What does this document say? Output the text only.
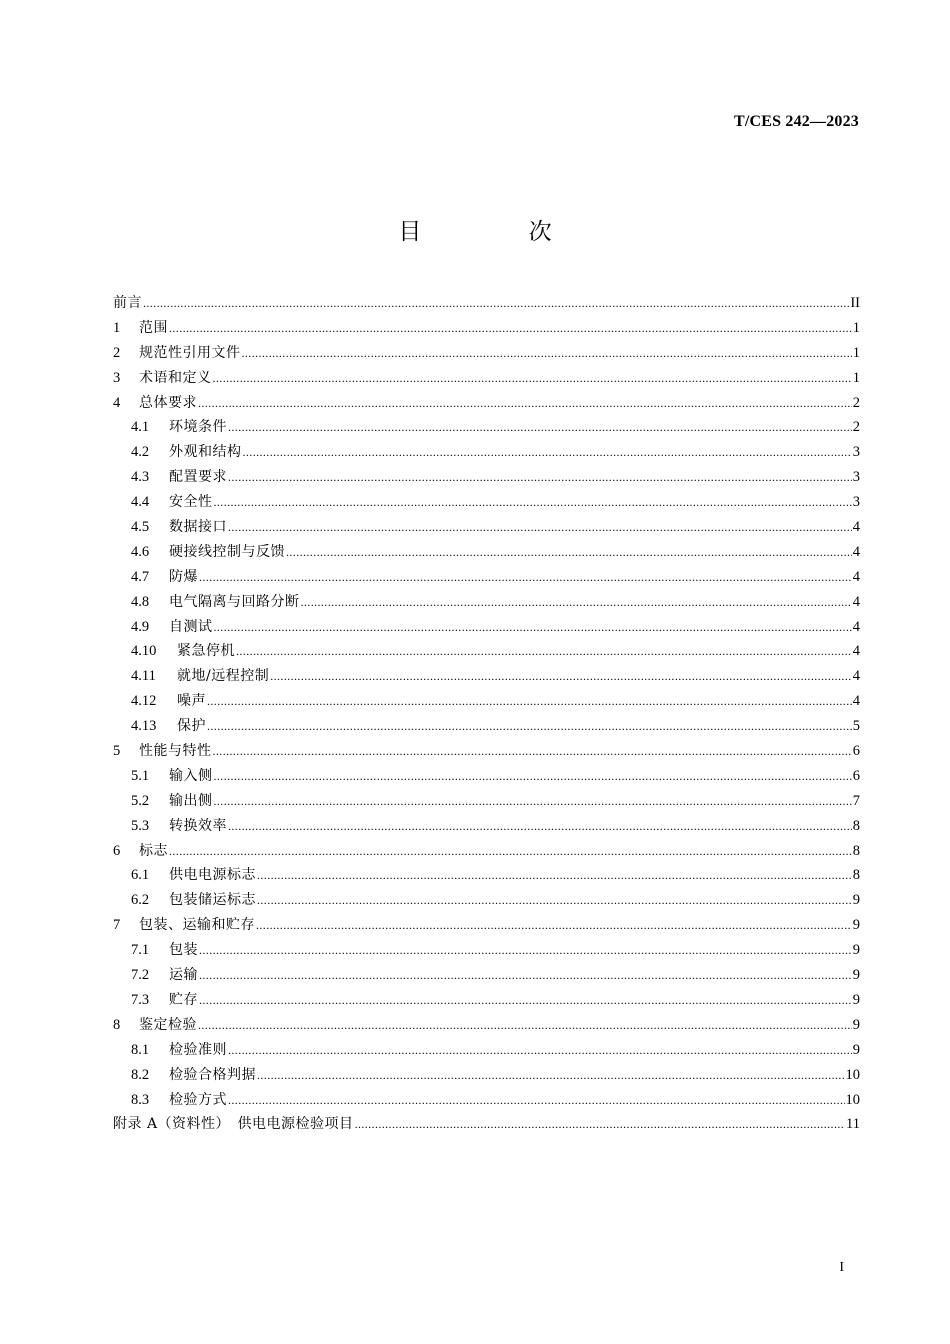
T/CES 242—2023
目 次
前言 .....	II
1	范围 .....	1
2	规范性引用文件 .....	1
3	术语和定义 .....	1
4	总体要求 .....	2
4.1	环境条件 .....	2
4.2	外观和结构 .....	3
4.3	配置要求 .....	3
4.4	安全性 .....	3
4.5	数据接口 .....	4
4.6	硬接线控制与反馈 .....	4
4.7	防爆 .....	4
4.8	电气隔离与回路分断 .....	4
4.9	自测试 .....	4
4.10	紧急停机 .....	4
4.11	就地/远程控制 .....	4
4.12	噪声 .....	4
4.13	保护 .....	5
5	性能与特性 .....	6
5.1	输入侧 .....	6
5.2	输出侧 .....	7
5.3	转换效率 .....	8
6	标志 .....	8
6.1	供电电源标志 .....	8
6.2	包装储运标志 .....	9
7	包装、运输和贮存 .....	9
7.1	包装 .....	9
7.2	运输 .....	9
7.3	贮存 .....	9
8	鉴定检验 .....	9
8.1	检验准则 .....	9
8.2	检验合格判据 .....	10
8.3	检验方式 .....	10
附录 A（资料性）　供电电源检验项目 .....	11
I
